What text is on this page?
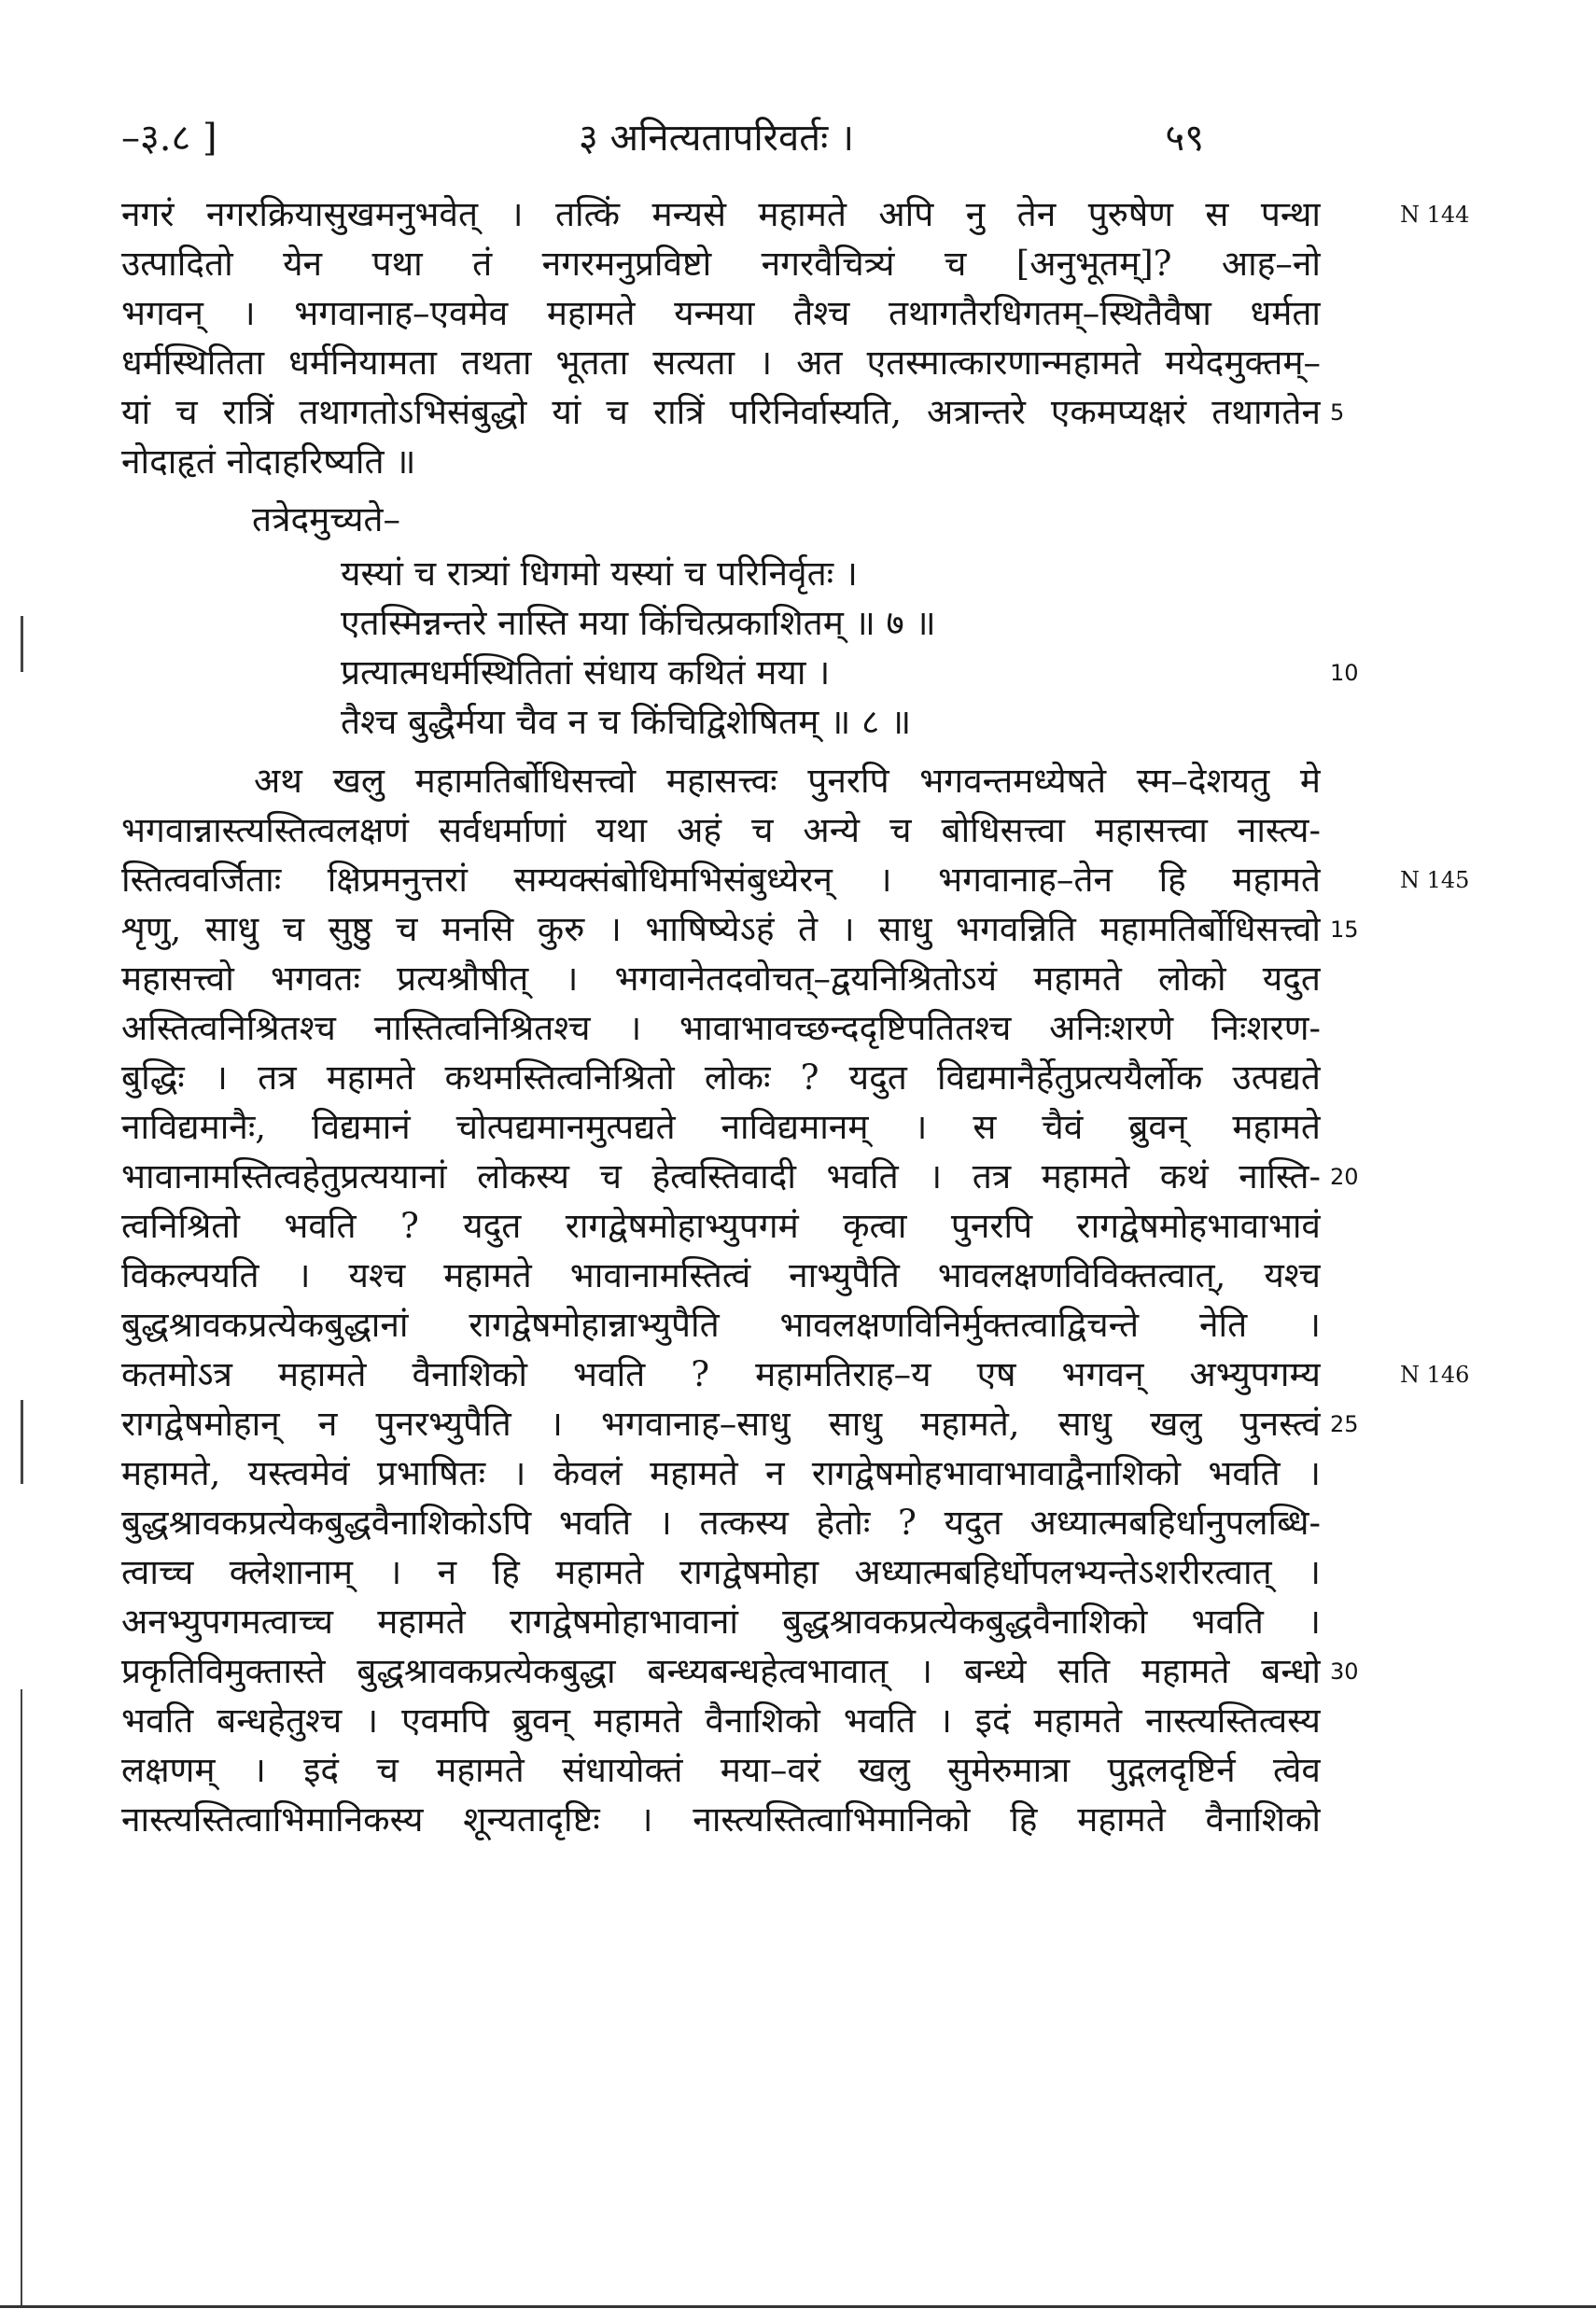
–३.८ ]	३ अनित्यतापरिवर्तः ।	५९
नगरं नगरक्रियासुखमनुभवेत् । तत्किं मन्यसे महामते अपि नु तेन पुरुषेण स पन्था
उत्पादितो येन पथा तं नगरमनुप्रविष्टो नगरवैचित्र्यं च [अनुभूतम्]? आह–नो
भगवन् । भगवानाह–एवमेव महामते यन्मया तैश्च तथागतैरधिगतम्–स्थितैवैषा धर्मता
धर्मस्थितिता धर्मनियामता तथता भूतता सत्यता । अत एतस्मात्कारणान्महामते मयेदमुक्तम्–
यां च रात्रिं तथागतोऽभिसंबुद्धो यां च रात्रिं परिनिर्वास्यति, अत्रान्तरे एकमप्यक्षरं तथागतेन
नोदाहृतं नोदाहरिष्यति ॥
तत्रेदमुच्यते–
यस्यां च रात्र्यां धिगमो यस्यां च परिनिर्वृतः ।
एतस्मिन्नन्तरे नास्ति मया किंचित्प्रकाशितम् ॥ ७ ॥
प्रत्यात्मधर्मस्थितितां संधाय कथितं मया ।
तैश्च बुद्धैर्मया चैव न च किंचिद्विशेषितम् ॥ ८ ॥
अथ खलु महामतिर्बोधिसत्त्वो महासत्त्वः पुनरपि भगवन्तमध्येषते स्म–देशयतु मे
भगवान्नास्त्यस्तित्वलक्षणं सर्वधर्माणां यथा अहं च अन्ये च बोधिसत्त्वा महासत्त्वा नास्त्य-
स्तित्ववर्जिताः क्षिप्रमनुत्तरां सम्यक्संबोधिमभिसंबुध्येरन् । भगवानाह–तेन हि महामते
शृणु, साधु च सुष्ठु च मनसि कुरु । भाषिष्येऽहं ते । साधु भगवन्निति महामतिर्बोधिसत्त्वो
महासत्त्वो भगवतः प्रत्यश्रौषीत् । भगवानेतदवोचत्–द्वयनिश्रितोऽयं महामते लोको यदुत
अस्तित्वनिश्रितश्च नास्तित्वनिश्रितश्च । भावाभावच्छन्ददृष्टिपतितश्च अनिःशरणे निःशरण-
बुद्धिः । तत्र महामते कथमस्तित्वनिश्रितो लोकः ? यदुत विद्यमानैर्हेतुप्रत्ययैर्लोक उत्पद्यते
नाविद्यमानैः, विद्यमानं चोत्पद्यमानमुत्पद्यते नाविद्यमानम् । स चैवं ब्रुवन् महामते
भावानामस्तित्वहेतुप्रत्ययानां लोकस्य च हेत्वस्तिवादी भवति । तत्र महामते कथं नास्ति-
त्वनिश्रितो भवति ? यदुत रागद्वेषमोहाभ्युपगमं कृत्वा पुनरपि रागद्वेषमोहभावाभावं
विकल्पयति । यश्च महामते भावानामस्तित्वं नाभ्युपैति भावलक्षणविविक्तत्वात्, यश्च
बुद्धश्रावकप्रत्येकबुद्धानां रागद्वेषमोहान्नाभ्युपैति भावलक्षणविनिर्मुक्तत्वाद्विचन्ते नेति ।
कतमोऽत्र महामते वैनाशिको भवति ? महामतिराह–य एष भगवन् अभ्युपगम्य
रागद्वेषमोहान् न पुनरभ्युपैति । भगवानाह–साधु साधु महामते, साधु खलु पुनस्त्वं
महामते, यस्त्वमेवं प्रभाषितः । केवलं महामते न रागद्वेषमोहभावाभावाद्वैनाशिको भवति ।
बुद्धश्रावकप्रत्येकबुद्धवैनाशिकोऽपि भवति । तत्कस्य हेतोः ? यदुत अध्यात्मबहिर्धानुपलब्धि-
त्वाच्च क्लेशानाम् । न हि महामते रागद्वेषमोहा अध्यात्मबहिर्धोपलभ्यन्तेऽशरीरत्वात् ।
अनभ्युपगमत्वाच्च महामते रागद्वेषमोहाभावानां बुद्धश्रावकप्रत्येकबुद्धवैनाशिको भवति ।
प्रकृतिविमुक्तास्ते बुद्धश्रावकप्रत्येकबुद्धा बन्ध्यबन्धहेत्वभावात् । बन्ध्ये सति महामते बन्धो
भवति बन्धहेतुश्च । एवमपि ब्रुवन् महामते वैनाशिको भवति । इदं महामते नास्त्यस्तित्वस्य
लक्षणम् । इदं च महामते संधायोक्तं मया–वरं खलु सुमेरुमात्रा पुद्गलदृष्टिर्न त्वेव
नास्त्यस्तित्वाभिमानिकस्य शून्यतादृष्टिः । नास्त्यस्तित्वाभिमानिको हि महामते वैनाशिको
5
10
15
20
25
30
N 144
N 145
N 146
